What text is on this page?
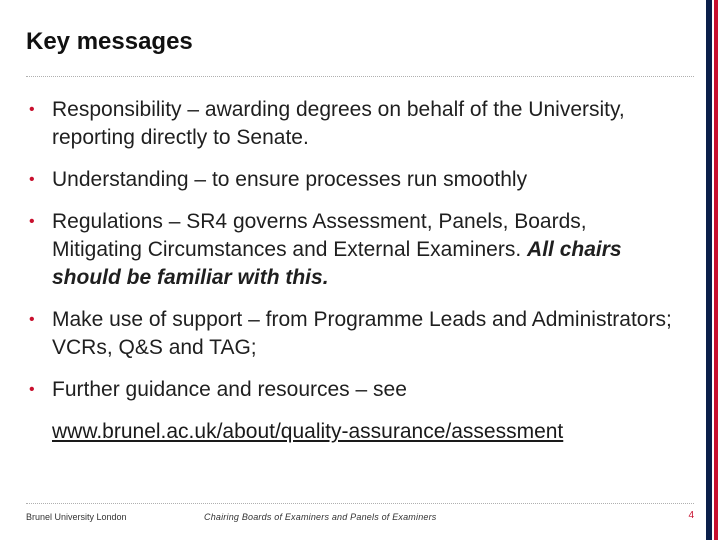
Key messages
• Responsibility – awarding degrees on behalf of the University, reporting directly to Senate.
• Understanding – to ensure processes run smoothly
• Regulations – SR4 governs Assessment, Panels, Boards, Mitigating Circumstances and External Examiners. All chairs should be familiar with this.
• Make use of support – from Programme Leads and Administrators; VCRs, Q&S and TAG;
• Further guidance and resources – see
www.brunel.ac.uk/about/quality-assurance/assessment
Brunel University London	Chairing Boards of Examiners and Panels of Examiners	4
